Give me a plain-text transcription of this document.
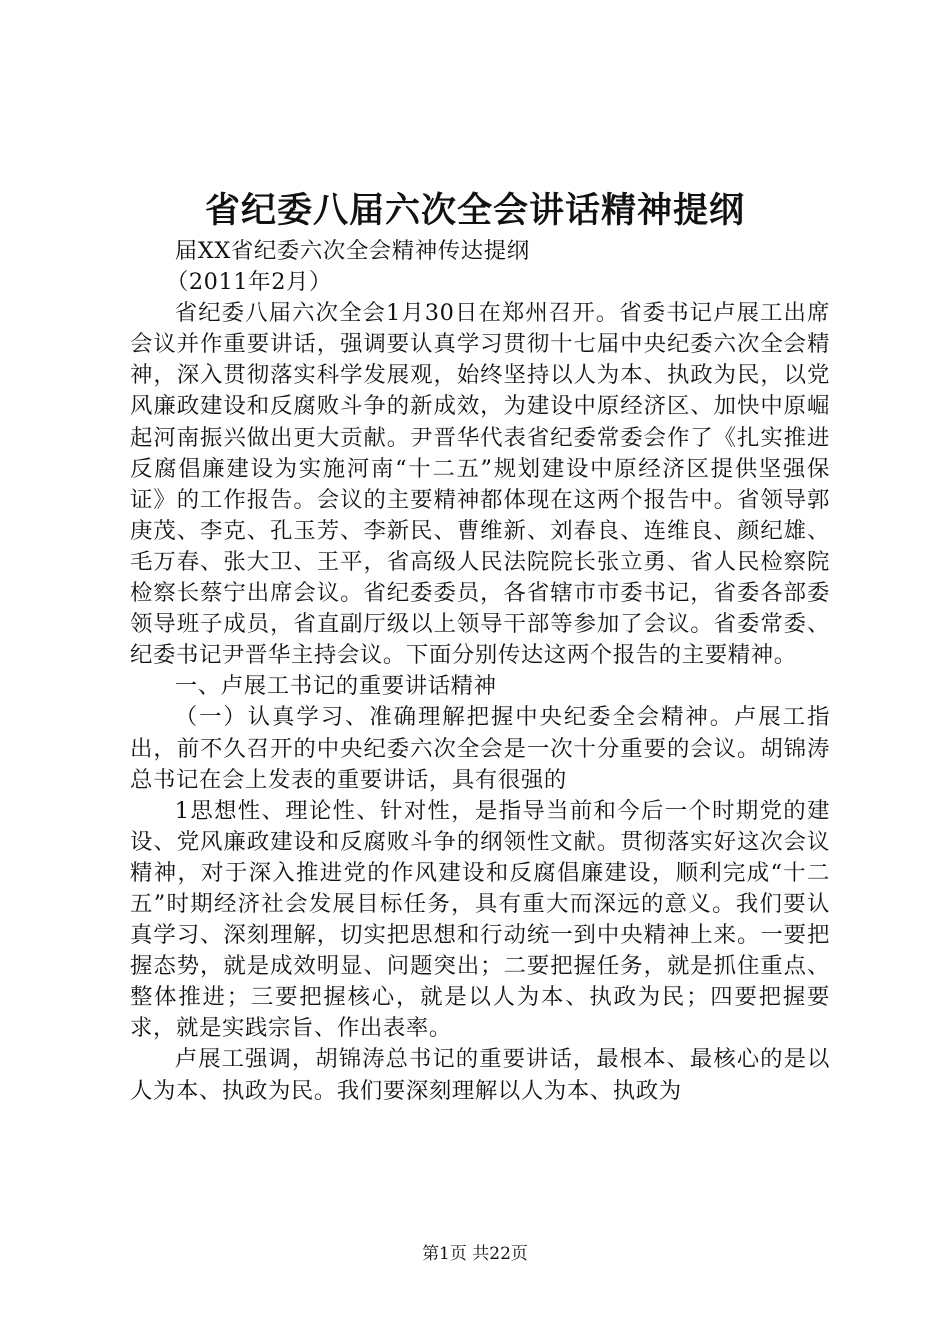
省纪委八届六次全会讲话精神提纲

届XX省纪委六次全会精神传达提纲

（2011年2月）

省纪委八届六次全会1月30日在郑州召开。省委书记卢展工出席会议并作重要讲话，强调要认真学习贯彻十七届中央纪委六次全会精神，深入贯彻落实科学发展观，始终坚持以人为本、执政为民，以党风廉政建设和反腐败斗争的新成效，为建设中原经济区、加快中原崛起河南振兴做出更大贡献。尹晋华代表省纪委常委会作了《扎实推进反腐倡廉建设为实施河南“十二五”规划建设中原经济区提供坚强保证》的工作报告。会议的主要精神都体现在这两个报告中。省领导郭庚茂、李克、孔玉芳、李新民、曹维新、刘春良、连维良、颜纪雄、毛万春、张大卫、王平，省高级人民法院院长张立勇、省人民检察院检察长蔡宁出席会议。省纪委委员，各省辖市市委书记，省委各部委领导班子成员，省直副厅级以上领导干部等参加了会议。省委常委、纪委书记尹晋华主持会议。下面分别传达这两个报告的主要精神。

一、卢展工书记的重要讲话精神

（一）认真学习、准确理解把握中央纪委全会精神。卢展工指出，前不久召开的中央纪委六次全会是一次十分重要的会议。胡锦涛总书记在会上发表的重要讲话，具有很强的

1思想性、理论性、针对性，是指导当前和今后一个时期党的建设、党风廉政建设和反腐败斗争的纲领性文献。贯彻落实好这次会议精神，对于深入推进党的作风建设和反腐倡廉建设，顺利完成“十二五”时期经济社会发展目标任务，具有重大而深远的意义。我们要认真学习、深刻理解，切实把思想和行动统一到中央精神上来。一要把握态势，就是成效明显、问题突出；二要把握任务，就是抓住重点、整体推进；三要把握核心，就是以人为本、执政为民；四要把握要求，就是实践宗旨、作出表率。

卢展工强调，胡锦涛总书记的重要讲话，最根本、最核心的是以人为本、执政为民。我们要深刻理解以人为本、执政为

第1页 共22页
